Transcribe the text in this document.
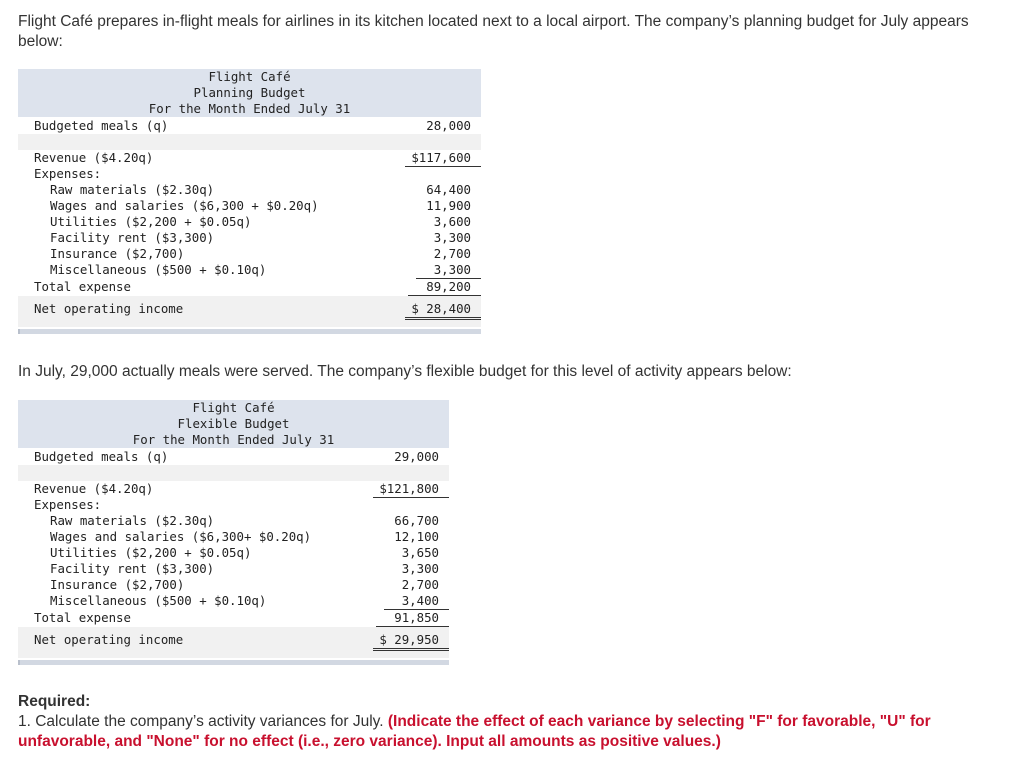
Flight Café prepares in-flight meals for airlines in its kitchen located next to a local airport. The company’s planning budget for July appears below:
Flight Café
Planning Budget
For the Month Ended July 31
Budgeted meals (q)	28,000
Revenue ($4.20q)	$117,600
Expenses:
Raw materials ($2.30q)	64,400
Wages and salaries ($6,300 + $0.20q)	11,900
Utilities ($2,200 + $0.05q)	3,600
Facility rent ($3,300)	3,300
Insurance ($2,700)	2,700
Miscellaneous ($500 + $0.10q)	3,300
Total expense	89,200
Net operating income	$ 28,400
In July, 29,000 actually meals were served. The company’s flexible budget for this level of activity appears below:
Flight Café
Flexible Budget
For the Month Ended July 31
Budgeted meals (q)	29,000
Revenue ($4.20q)	$121,800
Expenses:
Raw materials ($2.30q)	66,700
Wages and salaries ($6,300+ $0.20q)	12,100
Utilities ($2,200 + $0.05q)	3,650
Facility rent ($3,300)	3,300
Insurance ($2,700)	2,700
Miscellaneous ($500 + $0.10q)	3,400
Total expense	91,850
Net operating income	$ 29,950
Required:
1. Calculate the company’s activity variances for July. (Indicate the effect of each variance by selecting "F" for favorable, "U" for unfavorable, and "None" for no effect (i.e., zero variance). Input all amounts as positive values.)
